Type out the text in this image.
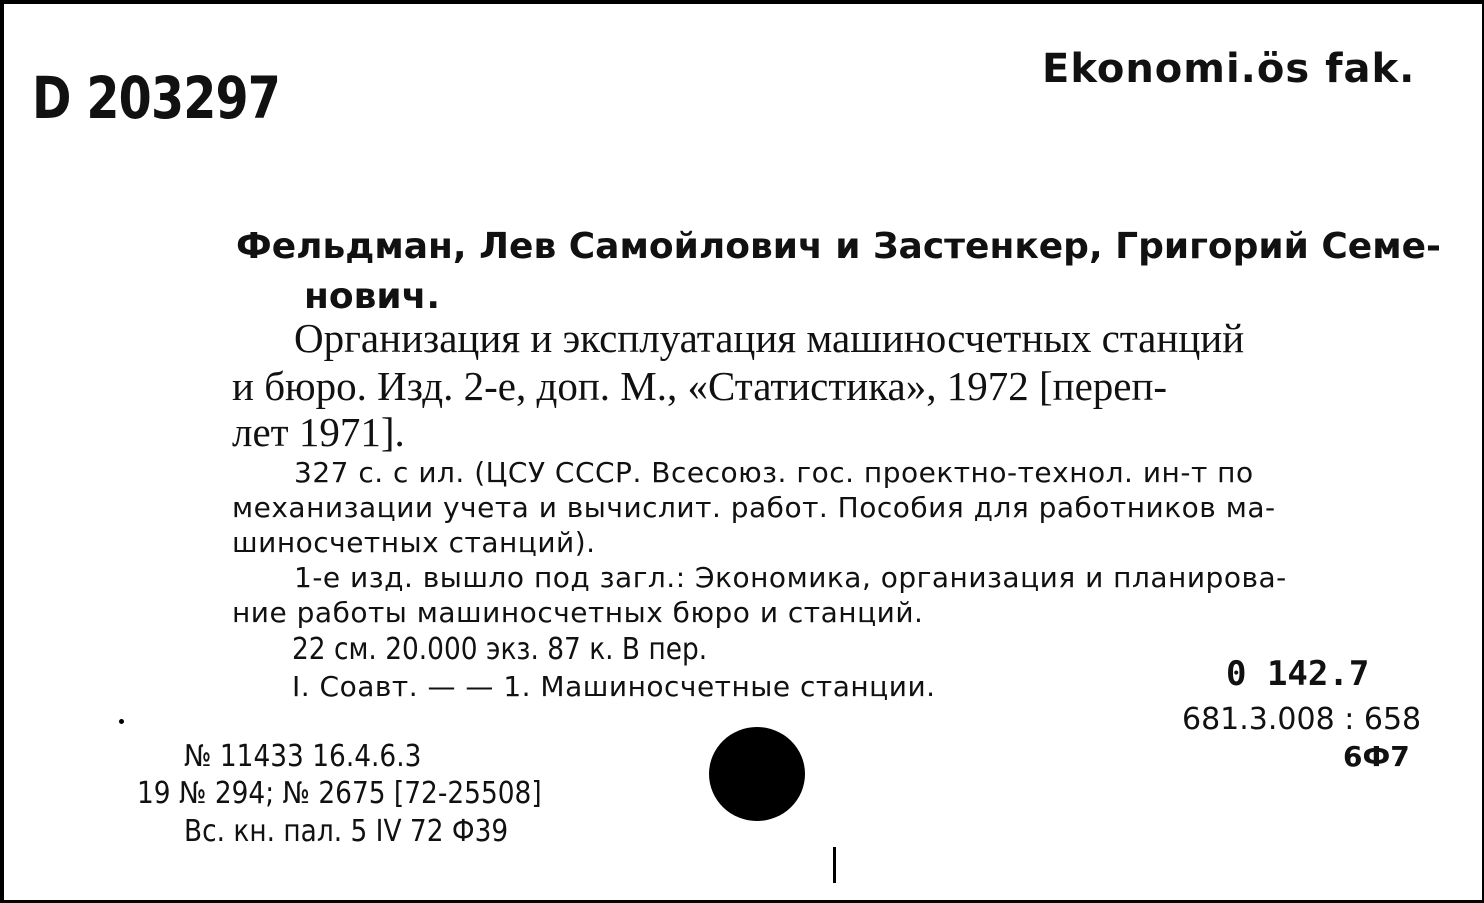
D 203297	Ekonomi.ös fak.
Фельдман, Лев Самойлович и Застенкер, Григорий Семе-
нович.
Организация и эксплуатация машиносчетных станций
и бюро. Изд. 2-е, доп. М., «Статистика», 1972 [переп-
лет 1971].
327 с. с ил. (ЦСУ СССР. Всесоюз. гос. проектно-технол. ин-т по
механизации учета и вычислит. работ. Пособия для работников ма-
шиносчетных станций).
1-е изд. вышло под загл.: Экономика, организация и планирова-
ние работы машиносчетных бюро и станций.
22 см. 20.000 экз. 87 к. В пер.
I. Соавт. — — 1. Машиносчетные станции.	0 142.7
681.3.008 : 658
6Ф7
№ 11433 16.4.6.3
19 № 294; № 2675 [72-25508]
Вс. кн. пал. 5 IV 72 Ф39
